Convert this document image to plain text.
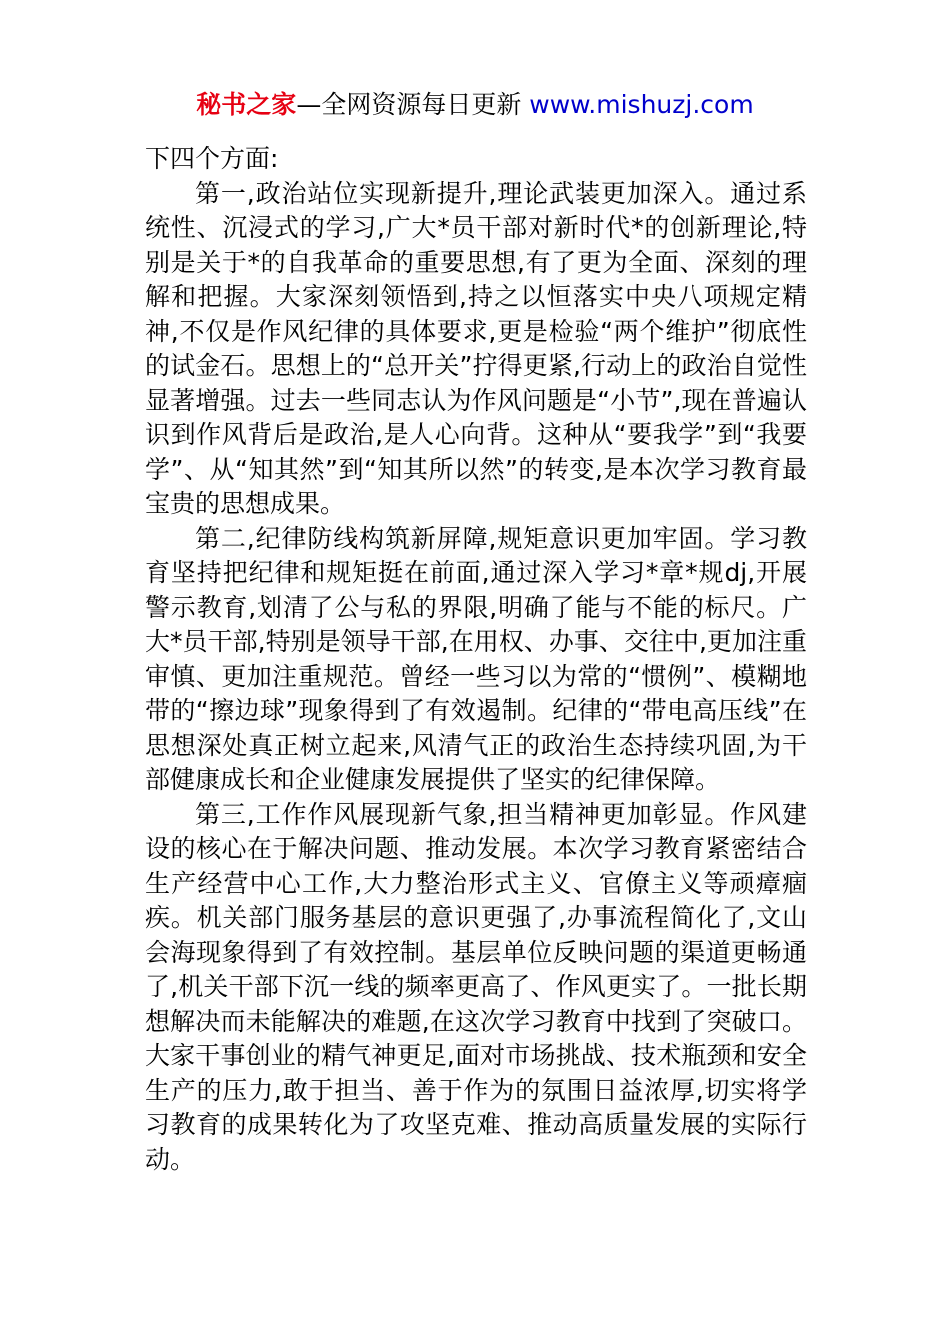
秘书之家—全网资源每日更新 www.mishuzj.com

下四个方面:

第一,政治站位实现新提升,理论武装更加深入。通过系统性、沉浸式的学习,广大*员干部对新时代*的创新理论,特别是关于*的自我革命的重要思想,有了更为全面、深刻的理解和把握。大家深刻领悟到,持之以恒落实中央八项规定精神,不仅是作风纪律的具体要求,更是检验“两个维护”彻底性的试金石。思想上的“总开关”拧得更紧,行动上的政治自觉性显著增强。过去一些同志认为作风问题是“小节”,现在普遍认识到作风背后是政治,是人心向背。这种从“要我学”到“我要学”、从“知其然”到“知其所以然”的转变,是本次学习教育最宝贵的思想成果。

第二,纪律防线构筑新屏障,规矩意识更加牢固。学习教育坚持把纪律和规矩挺在前面,通过深入学习*章*规dj,开展警示教育,划清了公与私的界限,明确了能与不能的标尺。广大*员干部,特别是领导干部,在用权、办事、交往中,更加注重审慎、更加注重规范。曾经一些习以为常的“惯例”、模糊地带的“擦边球”现象得到了有效遏制。纪律的“带电高压线”在思想深处真正树立起来,风清气正的政治生态持续巩固,为干部健康成长和企业健康发展提供了坚实的纪律保障。

第三,工作作风展现新气象,担当精神更加彰显。作风建设的核心在于解决问题、推动发展。本次学习教育紧密结合生产经营中心工作,大力整治形式主义、官僚主义等顽瘴痼疾。机关部门服务基层的意识更强了,办事流程简化了,文山会海现象得到了有效控制。基层单位反映问题的渠道更畅通了,机关干部下沉一线的频率更高了、作风更实了。一批长期想解决而未能解决的难题,在这次学习教育中找到了突破口。大家干事创业的精气神更足,面对市场挑战、技术瓶颈和安全生产的压力,敢于担当、善于作为的氛围日益浓厚,切实将学习教育的成果转化为了攻坚克难、推动高质量发展的实际行动。
